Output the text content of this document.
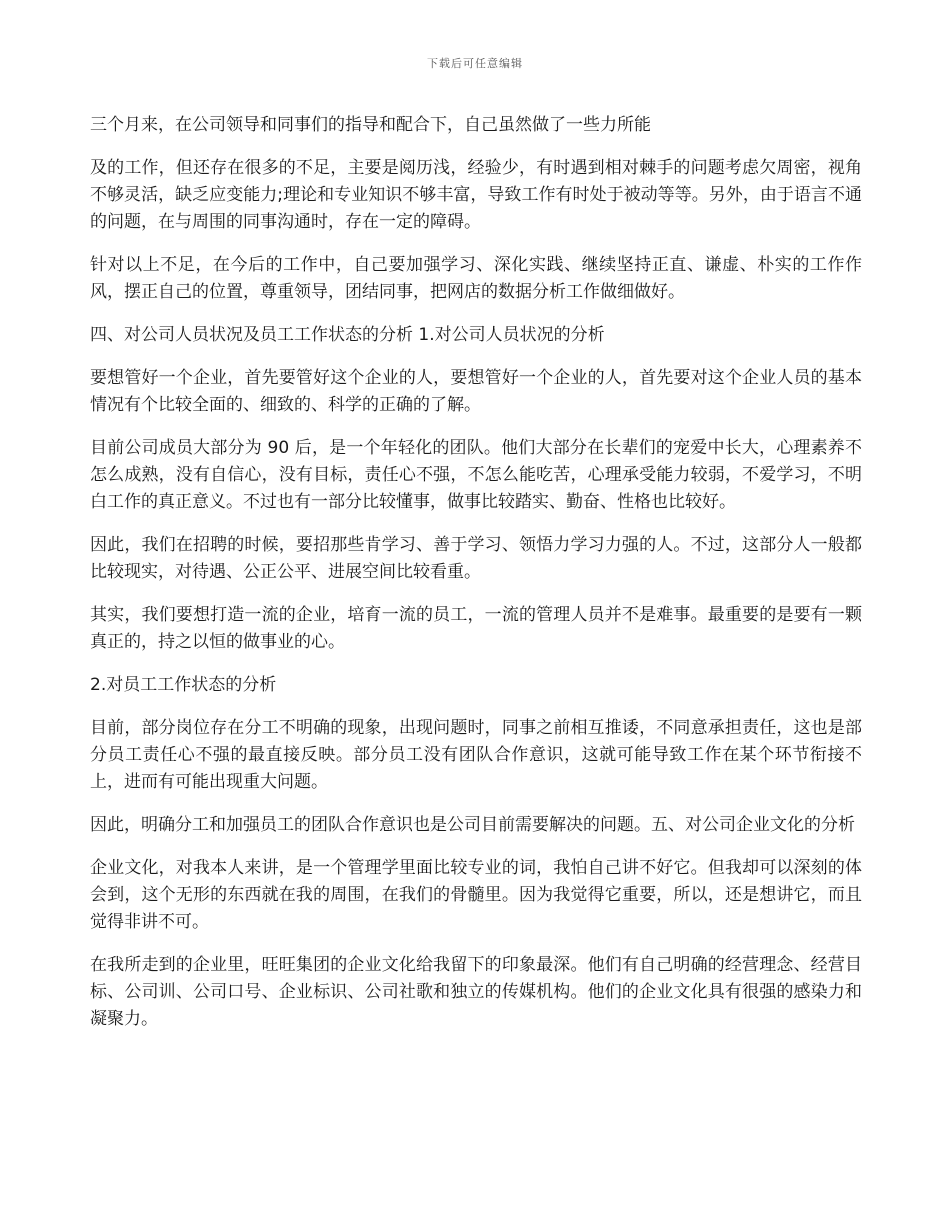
下载后可任意编辑

三个月来，在公司领导和同事们的指导和配合下，自己虽然做了一些力所能

及的工作，但还存在很多的不足，主要是阅历浅，经验少，有时遇到相对棘手的问题考虑欠周密，视角不够灵活，缺乏应变能力;理论和专业知识不够丰富，导致工作有时处于被动等等。另外，由于语言不通的问题，在与周围的同事沟通时，存在一定的障碍。

针对以上不足，在今后的工作中，自己要加强学习、深化实践、继续坚持正直、谦虚、朴实的工作作风，摆正自己的位置，尊重领导，团结同事，把网店的数据分析工作做细做好。

四、对公司人员状况及员工工作状态的分析 1.对公司人员状况的分析

要想管好一个企业，首先要管好这个企业的人，要想管好一个企业的人，首先要对这个企业人员的基本情况有个比较全面的、细致的、科学的正确的了解。

目前公司成员大部分为 90 后，是一个年轻化的团队。他们大部分在长辈们的宠爱中长大，心理素养不怎么成熟，没有自信心，没有目标，责任心不强，不怎么能吃苦，心理承受能力较弱，不爱学习，不明白工作的真正意义。不过也有一部分比较懂事，做事比较踏实、勤奋、性格也比较好。

因此，我们在招聘的时候，要招那些肯学习、善于学习、领悟力学习力强的人。不过，这部分人一般都比较现实，对待遇、公正公平、进展空间比较看重。

其实，我们要想打造一流的企业，培育一流的员工，一流的管理人员并不是难事。最重要的是要有一颗真正的，持之以恒的做事业的心。

2.对员工工作状态的分析

目前，部分岗位存在分工不明确的现象，出现问题时，同事之前相互推诿，不同意承担责任，这也是部分员工责任心不强的最直接反映。部分员工没有团队合作意识，这就可能导致工作在某个环节衔接不上，进而有可能出现重大问题。

因此，明确分工和加强员工的团队合作意识也是公司目前需要解决的问题。五、对公司企业文化的分析

企业文化，对我本人来讲，是一个管理学里面比较专业的词，我怕自己讲不好它。但我却可以深刻的体会到，这个无形的东西就在我的周围，在我们的骨髓里。因为我觉得它重要，所以，还是想讲它，而且觉得非讲不可。

在我所走到的企业里，旺旺集团的企业文化给我留下的印象最深。他们有自己明确的经营理念、经营目标、公司训、公司口号、企业标识、公司社歌和独立的传媒机构。他们的企业文化具有很强的感染力和凝聚力。
